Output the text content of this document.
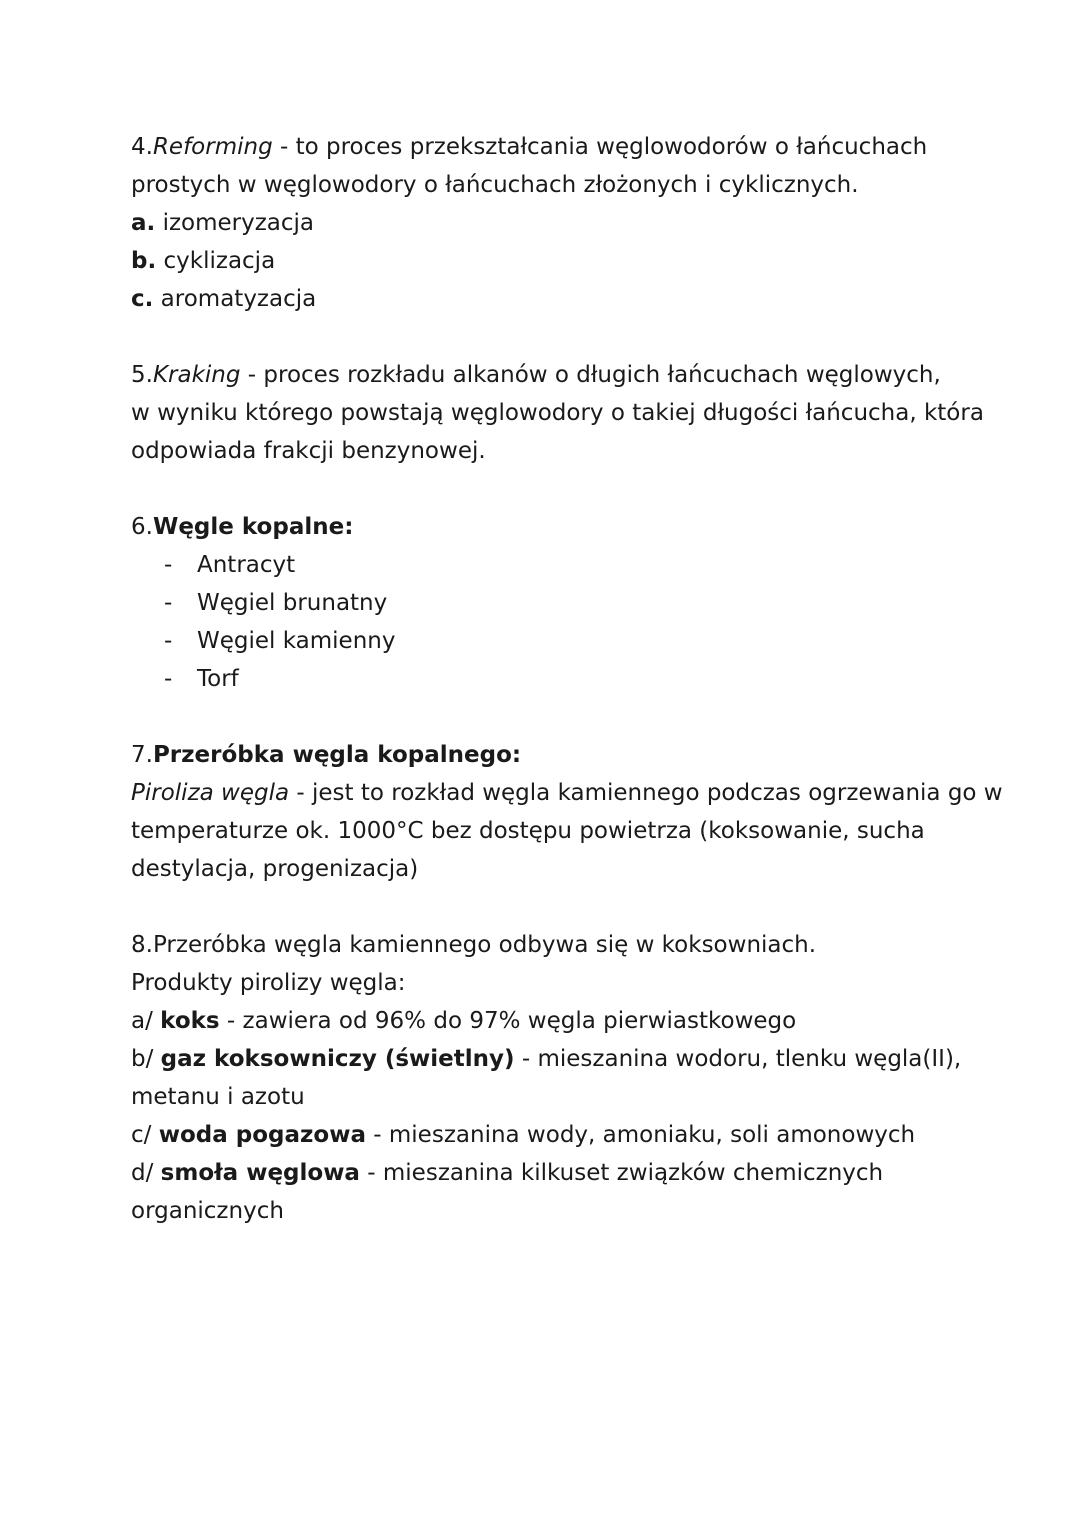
4.Reforming - to proces przekształcania węglowodorów o łańcuchach
prostych w węglowodory o łańcuchach złożonych i cyklicznych.
a. izomeryzacja
b. cyklizacja
c. aromatyzacja
5.Kraking - proces rozkładu alkanów o długich łańcuchach węglowych,
w wyniku którego powstają węglowodory o takiej długości łańcucha, która
odpowiada frakcji benzynowej.
6.Węgle kopalne:
- Antracyt
- Węgiel brunatny
- Węgiel kamienny
- Torf
7.Przeróbka węgla kopalnego:
Piroliza węgla - jest to rozkład węgla kamiennego podczas ogrzewania go w
temperaturze ok. 1000°C bez dostępu powietrza (koksowanie, sucha
destylacja, progenizacja)
8.Przeróbka węgla kamiennego odbywa się w koksowniach.
Produkty pirolizy węgla:
a/ koks - zawiera od 96% do 97% węgla pierwiastkowego
b/ gaz koksowniczy (świetlny) - mieszanina wodoru, tlenku węgla(II),
metanu i azotu
c/ woda pogazowa - mieszanina wody, amoniaku, soli amonowych
d/ smoła węglowa - mieszanina kilkuset związków chemicznych
organicznych
